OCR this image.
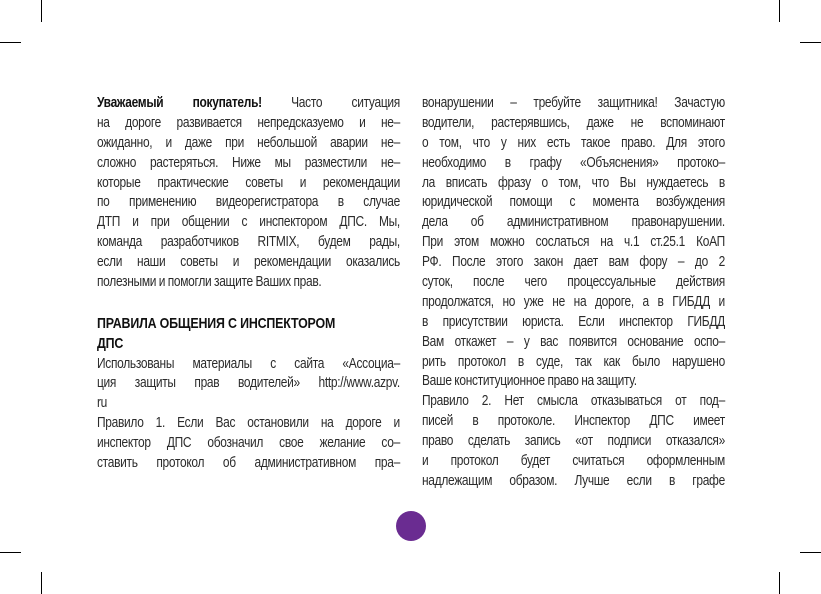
Уважаемый покупатель! Часто ситуация
на дороге развивается непредсказуемо и не–
ожиданно, и даже при небольшой аварии не–
сложно растеряться. Ниже мы разместили не–
которые практические советы и рекомендации
по применению видеорегистратора в случае
ДТП и при общении с инспектором ДПС. Мы,
команда разработчиков RITMIX, будем рады,
если наши советы и рекомендации оказались
полезными и помогли защите Ваших прав.
ПРАВИЛА ОБЩЕНИЯ С ИНСПЕКТОРОМ
ДПС
Использованы материалы с сайта «Ассоциа–
ция защиты прав водителей» http://www.azpv.
ru
Правило 1. Если Вас остановили на дороге и
инспектор ДПС обозначил свое желание со–
ставить протокол об административном пра–
вонарушении – требуйте защитника! Зачастую
водители, растерявшись, даже не вспоминают
о том, что у них есть такое право. Для этого
необходимо в графу «Объяснения» протоко–
ла вписать фразу о том, что Вы нуждаетесь в
юридической помощи с момента возбуждения
дела об административном правонарушении.
При этом можно сослаться на ч.1 ст.25.1 КоАП
РФ. После этого закон дает вам фору – до 2
суток, после чего процессуальные действия
продолжатся, но уже не на дороге, а в ГИБДД и
в присутствии юриста. Если инспектор ГИБДД
Вам откажет – у вас появится основание оспо–
рить протокол в суде, так как было нарушено
Ваше конституционное право на защиту.
Правило 2. Нет смысла отказываться от под–
писей в протоколе. Инспектор ДПС имеет
право сделать запись «от подписи отказался»
и протокол будет считаться оформленным
надлежащим образом. Лучше если в графе
